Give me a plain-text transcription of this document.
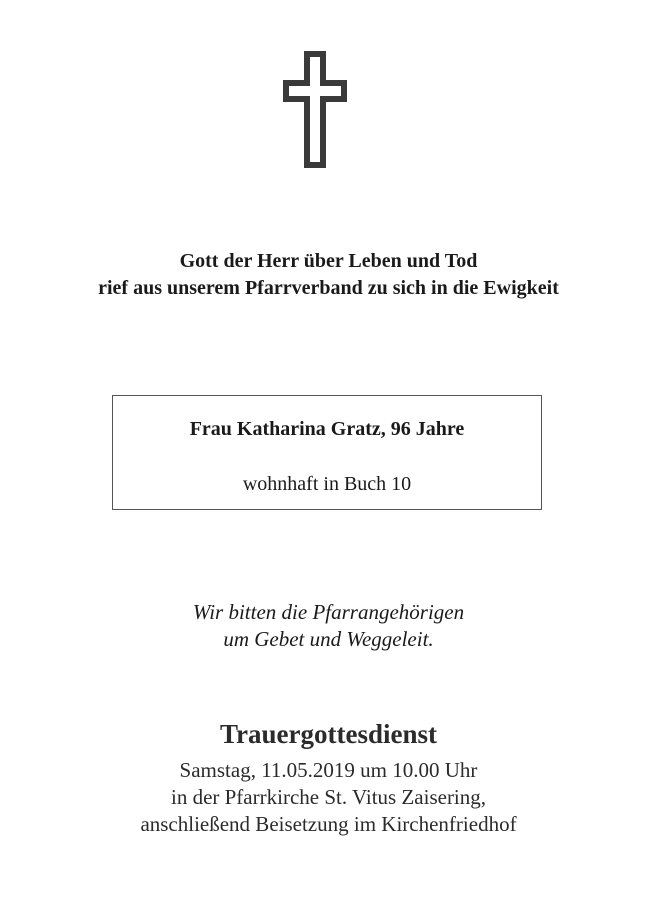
Gott der Herr über Leben und Tod
rief aus unserem Pfarrverband zu sich in die Ewigkeit
Frau Katharina Gratz, 96 Jahre
wohnhaft in Buch 10
Wir bitten die Pfarrangehörigen
um Gebet und Weggeleit.
Trauergottesdienst
Samstag, 11.05.2019 um 10.00 Uhr
in der Pfarrkirche St. Vitus Zaisering,
anschließend Beisetzung im Kirchenfriedhof
